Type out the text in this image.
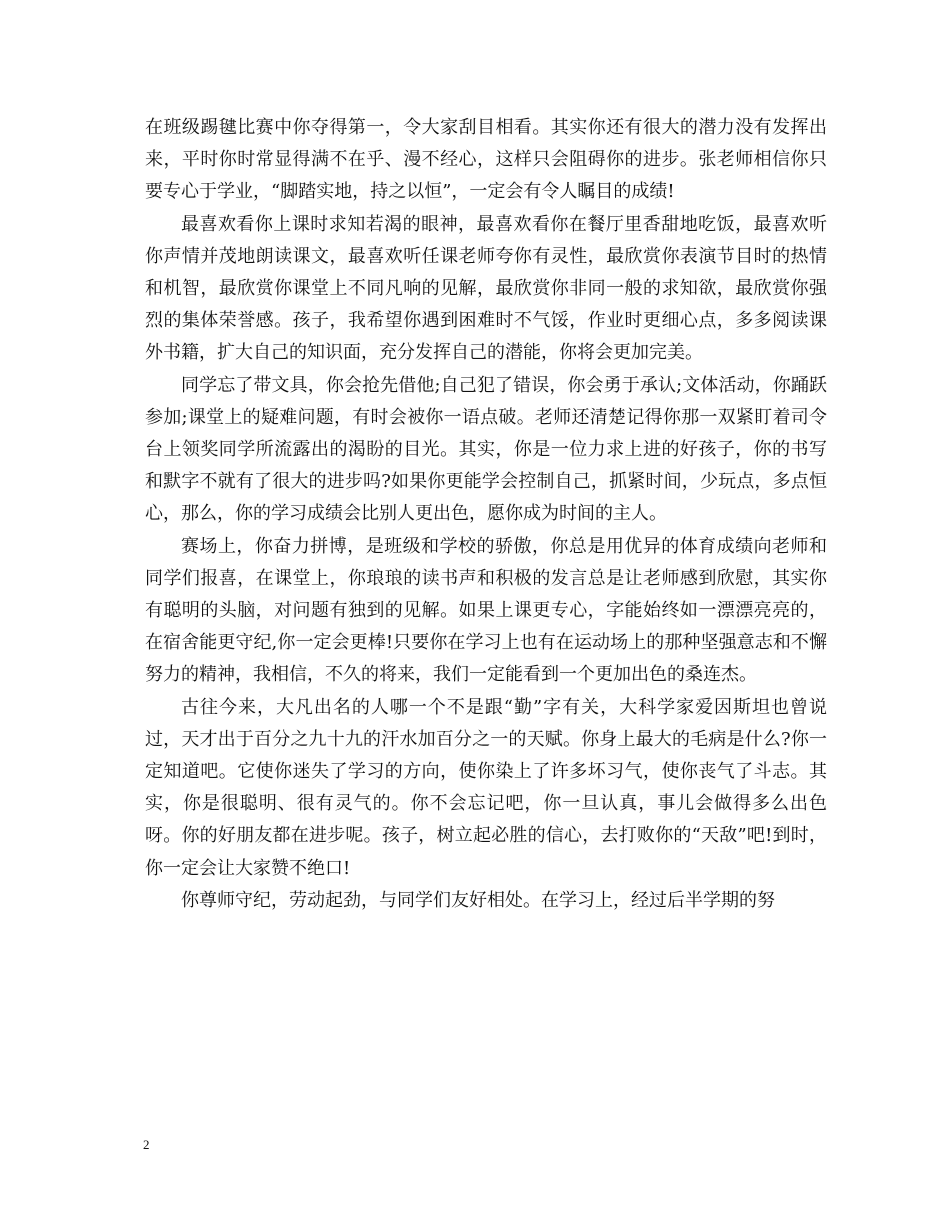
在班级踢毽比赛中你夺得第一，令大家刮目相看。其实你还有很大的潜力没有发挥出来，平时你时常显得满不在乎、漫不经心，这样只会阻碍你的进步。张老师相信你只要专心于学业，“脚踏实地，持之以恒”，一定会有令人瞩目的成绩!

最喜欢看你上课时求知若渴的眼神，最喜欢看你在餐厅里香甜地吃饭，最喜欢听你声情并茂地朗读课文，最喜欢听任课老师夸你有灵性，最欣赏你表演节目时的热情和机智，最欣赏你课堂上不同凡响的见解，最欣赏你非同一般的求知欲，最欣赏你强烈的集体荣誉感。孩子，我希望你遇到困难时不气馁，作业时更细心点，多多阅读课外书籍，扩大自己的知识面，充分发挥自己的潜能，你将会更加完美。

同学忘了带文具，你会抢先借他;自己犯了错误，你会勇于承认;文体活动，你踊跃参加;课堂上的疑难问题，有时会被你一语点破。老师还清楚记得你那一双紧盯着司令台上领奖同学所流露出的渴盼的目光。其实，你是一位力求上进的好孩子，你的书写和默字不就有了很大的进步吗?如果你更能学会控制自己，抓紧时间，少玩点，多点恒心，那么，你的学习成绩会比别人更出色，愿你成为时间的主人。

赛场上，你奋力拼博，是班级和学校的骄傲，你总是用优异的体育成绩向老师和同学们报喜，在课堂上，你琅琅的读书声和积极的发言总是让老师感到欣慰，其实你有聪明的头脑，对问题有独到的见解。如果上课更专心，字能始终如一漂漂亮亮的，在宿舍能更守纪,你一定会更棒!只要你在学习上也有在运动场上的那种坚强意志和不懈努力的精神，我相信，不久的将来，我们一定能看到一个更加出色的桑连杰。

古往今来，大凡出名的人哪一个不是跟“勤”字有关，大科学家爱因斯坦也曾说过，天才出于百分之九十九的汗水加百分之一的天赋。你身上最大的毛病是什么?你一定知道吧。它使你迷失了学习的方向，使你染上了许多坏习气，使你丧气了斗志。其实，你是很聪明、很有灵气的。你不会忘记吧，你一旦认真，事儿会做得多么出色呀。你的好朋友都在进步呢。孩子，树立起必胜的信心，去打败你的“天敌”吧!到时，你一定会让大家赞不绝口!

你尊师守纪，劳动起劲，与同学们友好相处。在学习上，经过后半学期的努

2
